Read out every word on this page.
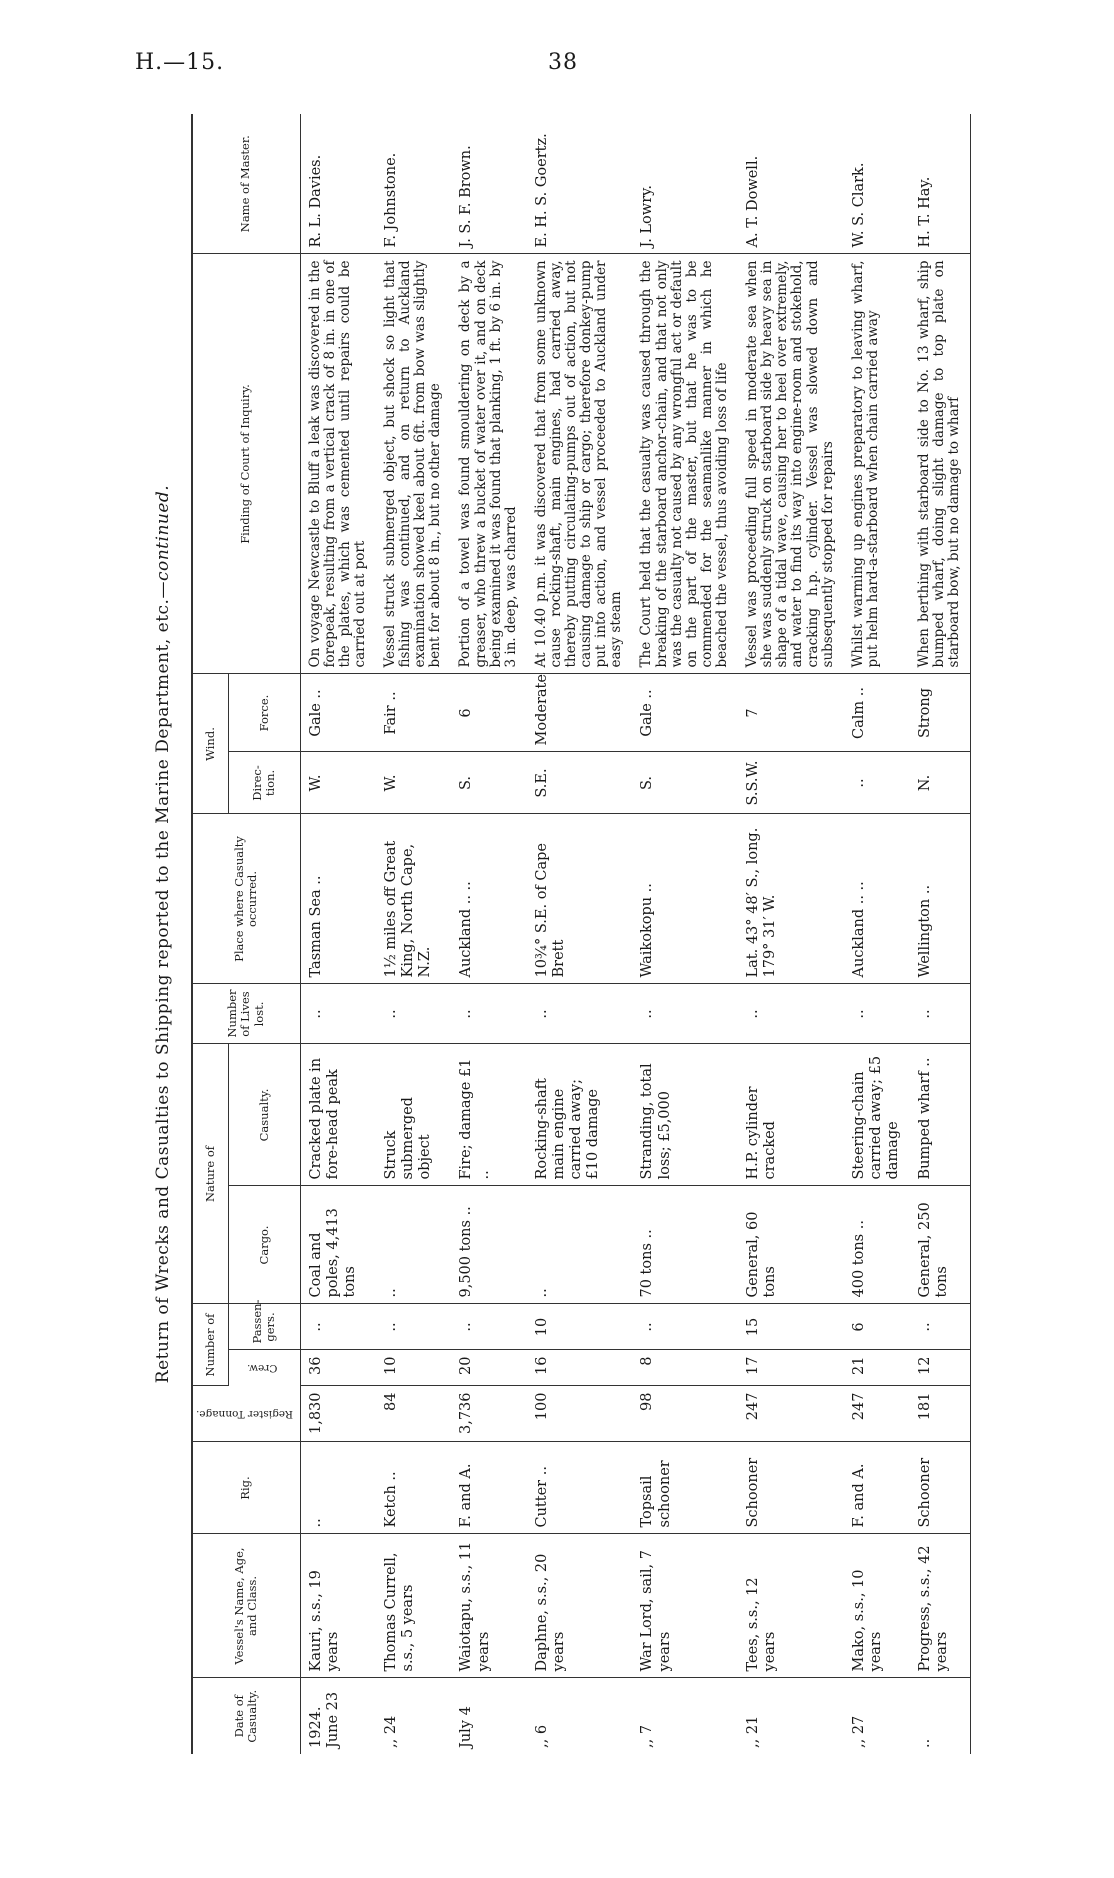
H.—15.	38
Return of Wrecks and Casualties to Shipping reported to the Marine Department, etc.—continued.
Date of Casualty.	Vessel's Name, Age, and Class.	Rig.	Register Tonnage.	Number of		Nature of		Number of Lives lost.	Place where Casualty occurred.	Wind.		Finding of Court of Inquiry.	Name of Master.
				Crew.	Passen-gers.	Cargo.	Casualty.			Direc-tion.	Force.		

1924. June 23	Kauri, s.s., 19 years	..	1,830	36	..	Coal and poles, 4,413 tons	Cracked plate in fore-head peak	..	Tasman Sea ..	W.	Gale ..	On voyage Newcastle to Bluff a leak was discovered in the forepeak, resulting from a vertical crack of 8 in. in one of the plates, which was cemented until repairs could be carried out at port	R. L. Davies.
,, 24	Thomas Currell, s.s., 5 years	Ketch ..	84	10	..	..	Struck submerged object	..	1½ miles off Great King, North Cape, N.Z.	W.	Fair ..	Vessel struck submerged object, but shock so light that fishing was continued, and on return to Auckland examination showed keel about 6ft. from bow was slightly bent for about 8 in., but no other damage	F. Johnstone.
July 4	Waiotapu, s.s., 11 years	F. and A.	3,736	20	..	9,500 tons ..	Fire; damage £1 ..	..	Auckland .. ..	S.	6	Portion of a towel was found smouldering on deck by a greaser, who threw a bucket of water over it, and on deck being examined it was found that planking, 1 ft. by 6 in. by 3 in. deep, was charred	J. S. F. Brown.
,, 6	Daphne, s.s., 20 years	Cutter ..	100	16	10	..	Rocking-shaft main engine carried away; £10 damage	..	10¾° S.E. of Cape Brett	S.E.	Moderate	At 10.40 p.m. it was discovered that from some unknown cause rocking-shaft, main engines, had carried away, thereby putting circulating-pumps out of action, but not causing damage to ship or cargo; therefore donkey-pump put into action, and vessel proceeded to Auckland under easy steam	E. H. S. Goertz.
,, 7	War Lord, sail, 7 years	Topsail schooner	98	8	..	70 tons ..	Stranding, total loss; £5,000	..	Waikokopu ..	S.	Gale ..	The Court held that the casualty was caused through the breaking of the starboard anchor-chain, and that not only was the casualty not caused by any wrongful act or default on the part of the master, but that he was to be commended for the seamanlike manner in which he beached the vessel, thus avoiding loss of life	J. Lowry.
,, 21	Tees, s.s., 12 years	Schooner	247	17	15	General, 60 tons	H.P. cylinder cracked	..	Lat. 43° 48′ S., long. 179° 31′ W.	S.S.W.	7	Vessel was proceeding full speed in moderate sea when she was suddenly struck on starboard side by heavy sea in shape of a tidal wave, causing her to heel over extremely, and water to find its way into engine-room and stokehold, cracking h.p. cylinder. Vessel was slowed down and subsequently stopped for repairs	A. T. Dowell.
,, 27	Mako, s.s., 10 years	F. and A.	247	21	6	400 tons ..	Steering-chain carried away; £5 damage	..	Auckland .. ..	..	Calm ..	Whilst warming up engines preparatory to leaving wharf, put helm hard-a-starboard when chain carried away	W. S. Clark.
..	Progress, s.s., 42 years	Schooner	181	12	..	General, 250 tons	Bumped wharf ..	..	Wellington ..	N.	Strong	When berthing with starboard side to No. 13 wharf, ship bumped wharf, doing slight damage to top plate on starboard bow, but no damage to wharf	H. T. Hay.
